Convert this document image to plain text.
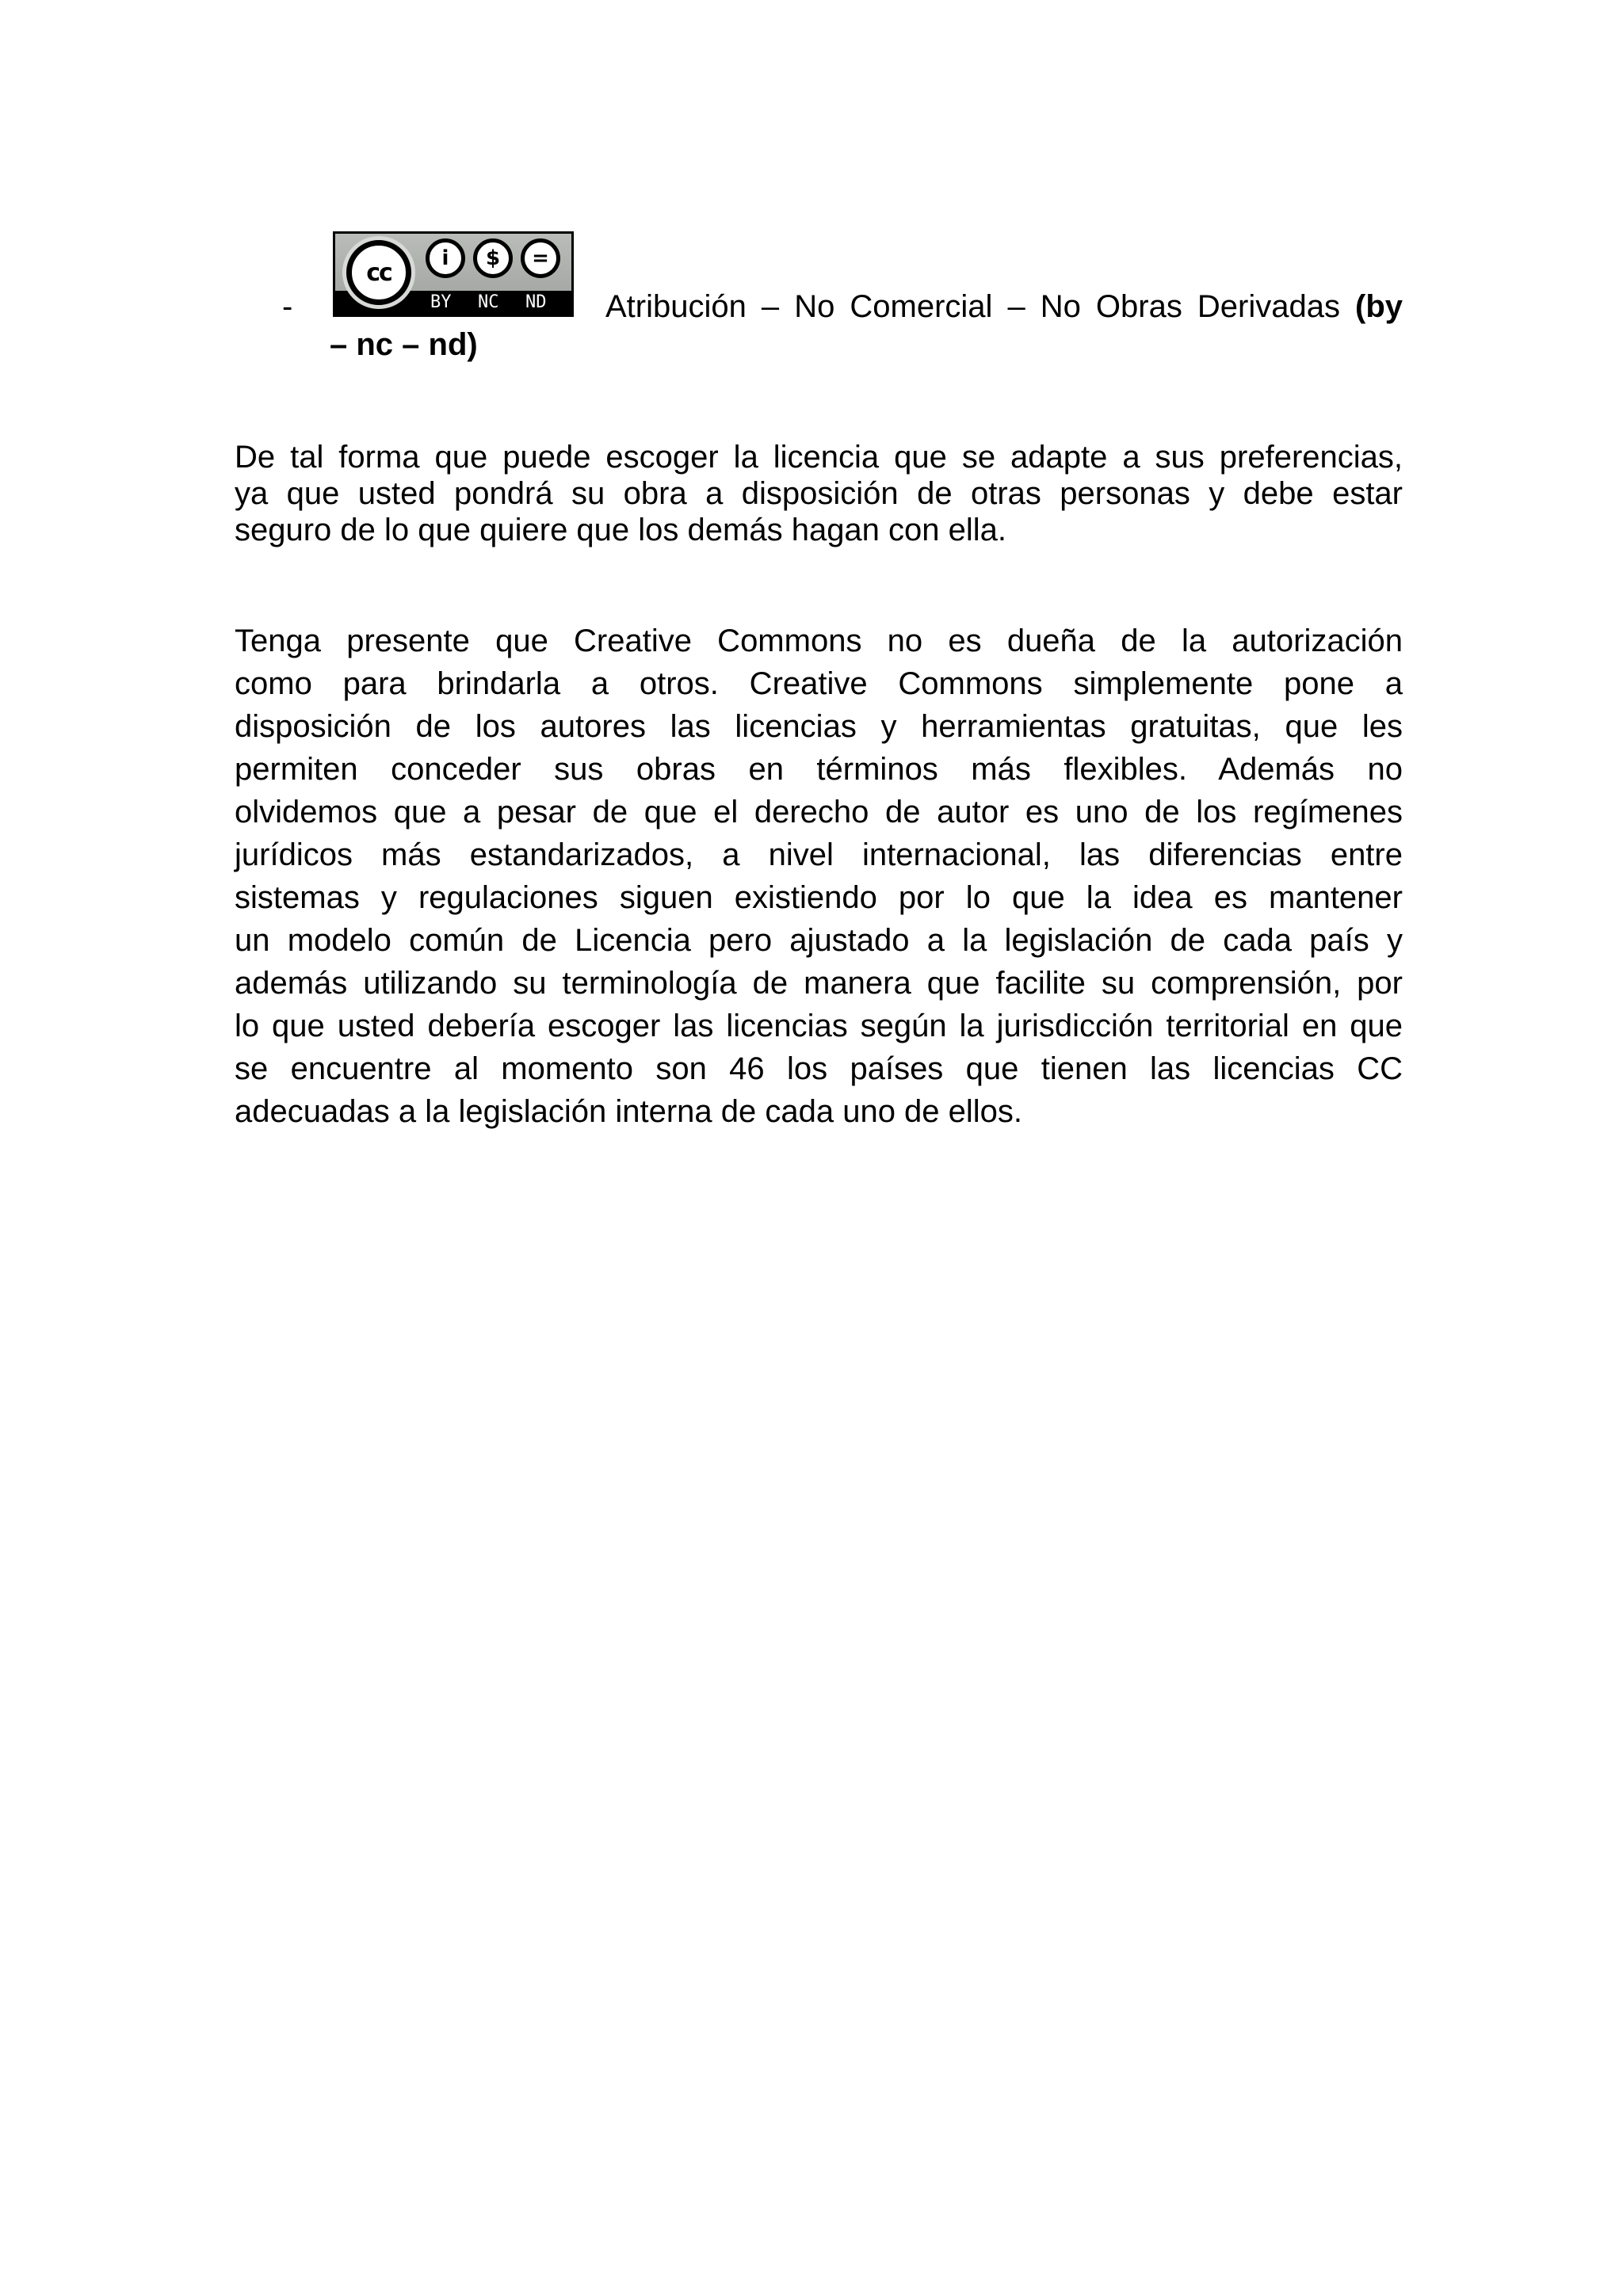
-
cc
i	$	=
BY NC ND Atribución – No Comercial – No Obras Derivadas (by
– nc – nd)
De tal forma que puede escoger la licencia que se adapte a sus preferencias,
ya que usted pondrá su obra a disposición de otras personas y debe estar
seguro de lo que quiere que los demás hagan con ella.
Tenga presente que Creative Commons no es dueña de la autorización
como para brindarla a otros. Creative Commons simplemente pone a
disposición de los autores las licencias y herramientas gratuitas, que les
permiten conceder sus obras en términos más flexibles. Además no
olvidemos que a pesar de que el derecho de autor es uno de los regímenes
jurídicos más estandarizados, a nivel internacional, las diferencias entre
sistemas y regulaciones siguen existiendo por lo que la idea es mantener
un modelo común de Licencia pero ajustado a la legislación de cada país y
además utilizando su terminología de manera que facilite su comprensión, por
lo que usted debería escoger las licencias según la jurisdicción territorial en que
se encuentre al momento son 46 los países que tienen las licencias CC
adecuadas a la legislación interna de cada uno de ellos.
